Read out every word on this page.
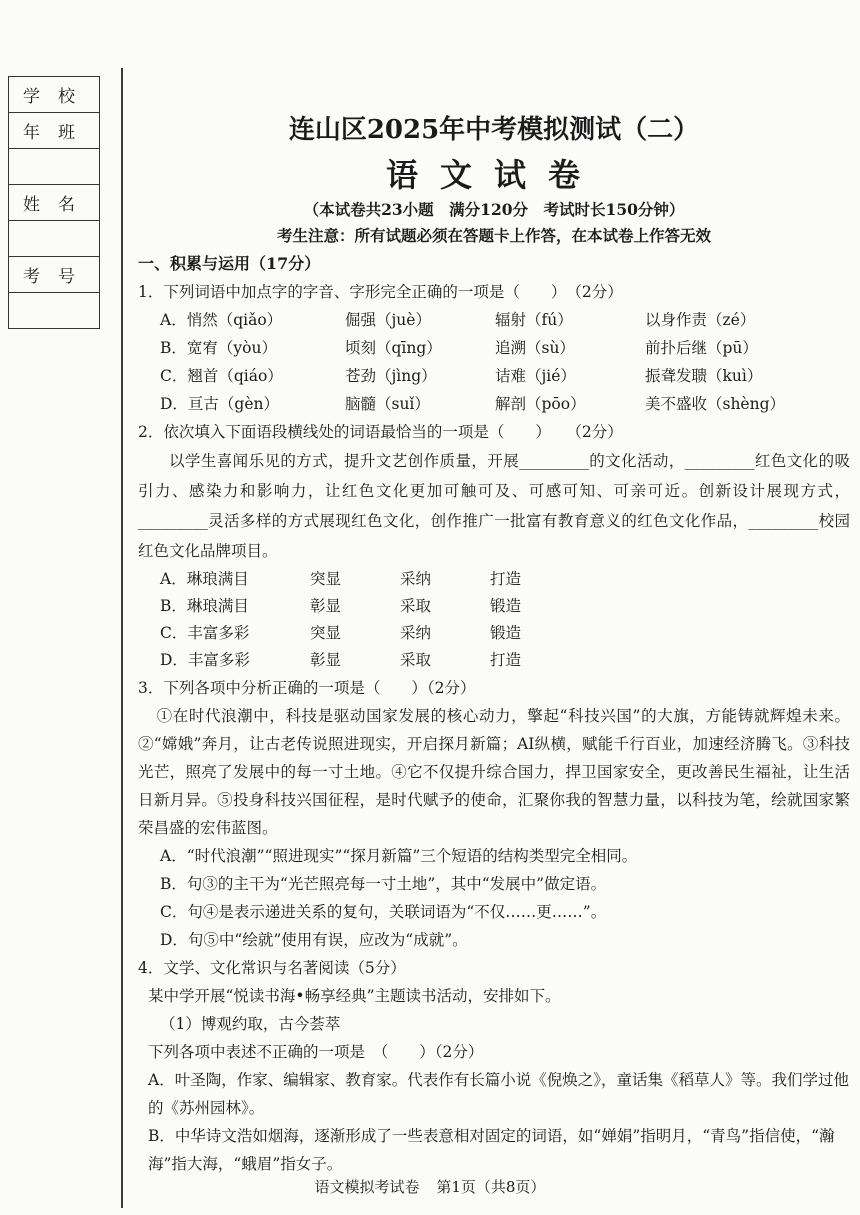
学校
年班

姓名

考号

连山区2025年中考模拟测试（二）
语文试卷
（本试卷共23小题　满分120分　考试时长150分钟）
考生注意：所有试题必须在答题卡上作答，在本试卷上作答无效
一、积累与运用（17分）
1．下列词语中加点字的字音、字形完全正确的一项是（　　）　（2分）
A．悄然（qiǎo）	倔强（juè）	辐射（fú）	以身作责（zé）
B．宽宥（yòu）	顷刻（qīng）	追溯（sù）	前扑后继（pū）
C．翘首（qiáo）	苍劲（jìng）	诘难（jié）	振聋发聩（kuì）
D．亘古（gèn）	脑髓（suǐ）	解剖（pōo）	美不盛收（shèng）
2．依次填入下面语段横线处的词语最恰当的一项是（　　）　　（2分）
以学生喜闻乐见的方式，提升文艺创作质量，开展_________的文化活动，_________红色文化的吸引力、感染力和影响力，让红色文化更加可触可及、可感可知、可亲可近。创新设计展现方式，_________灵活多样的方式展现红色文化，创作推广一批富有教育意义的红色文化作品，_________校园红色文化品牌项目。
A．琳琅满目	突显	采纳	打造
B．琳琅满目	彰显	采取	锻造
C．丰富多彩	突显	采纳	锻造
D．丰富多彩	彰显	采取	打造
3．下列各项中分析正确的一项是（　　）（2分）
①在时代浪潮中，科技是驱动国家发展的核心动力，擎起“科技兴国”的大旗，方能铸就辉煌未来。②“嫦娥”奔月，让古老传说照进现实，开启探月新篇；AI纵横，赋能千行百业，加速经济腾飞。③科技光芒，照亮了发展中的每一寸土地。④它不仅提升综合国力，捍卫国家安全，更改善民生福祉，让生活日新月异。⑤投身科技兴国征程，是时代赋予的使命，汇聚你我的智慧力量，以科技为笔，绘就国家繁荣昌盛的宏伟蓝图。
A．“时代浪潮”“照进现实”“探月新篇”三个短语的结构类型完全相同。
B．句③的主干为“光芒照亮每一寸土地”，其中“发展中”做定语。
C．句④是表示递进关系的复句，关联词语为“不仅……更……”。
D．句⑤中“绘就”使用有误，应改为“成就”。
4．文学、文化常识与名著阅读（5分）
某中学开展“悦读书海•畅享经典”主题读书活动，安排如下。
（1）博观约取，古今荟萃
下列各项中表述不正确的一项是　（　　）（2分）
A．叶圣陶，作家、编辑家、教育家。代表作有长篇小说《倪焕之》，童话集《稻草人》等。我们学过他的《苏州园林》。
B．中华诗文浩如烟海，逐渐形成了一些表意相对固定的词语，如“婵娟”指明月，“青鸟”指信使，“瀚海”指大海，“蛾眉”指女子。
语文模拟考试卷 第1页（共8页）
